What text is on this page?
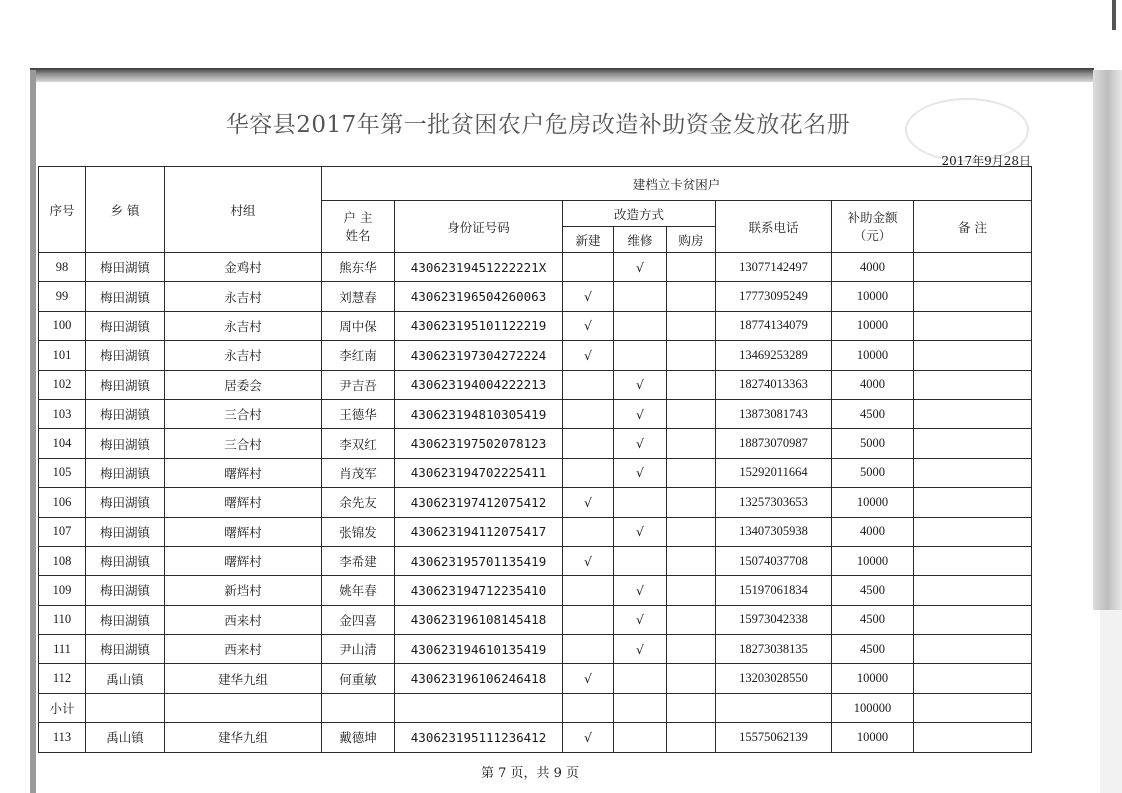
华容县2017年第一批贫困农户危房改造补助资金发放花名册
2017年9月28日
序号	乡 镇	村组	建档立卡贫困户							
			户 主 姓名	身份证号码	改造方式			联系电话	补助金额（元）	备 注
					新建	维修	购房			
98	梅田湖镇	金鸡村	熊东华	43062319451222221X		√		13077142497	4000	
99	梅田湖镇	永吉村	刘慧春	430623196504260063	√			17773095249	10000	
100	梅田湖镇	永吉村	周中保	430623195101122219	√			18774134079	10000	
101	梅田湖镇	永吉村	李红南	430623197304272224	√			13469253289	10000	
102	梅田湖镇	居委会	尹吉吾	430623194004222213		√		18274013363	4000	
103	梅田湖镇	三合村	王德华	430623194810305419		√		13873081743	4500	
104	梅田湖镇	三合村	李双红	430623197502078123		√		18873070987	5000	
105	梅田湖镇	曙辉村	肖茂军	430623194702225411		√		15292011664	5000	
106	梅田湖镇	曙辉村	余先友	430623197412075412	√			13257303653	10000	
107	梅田湖镇	曙辉村	张锦发	430623194112075417		√		13407305938	4000	
108	梅田湖镇	曙辉村	李希建	430623195701135419	√			15074037708	10000	
109	梅田湖镇	新垱村	姚年春	430623194712235410		√		15197061834	4500	
110	梅田湖镇	西来村	金四喜	430623196108145418		√		15973042338	4500	
111	梅田湖镇	西来村	尹山清	430623194610135419		√		18273038135	4500	
112	禹山镇	建华九组	何重敏	430623196106246418	√			13203028550	10000	
小计									100000	
113	禹山镇	建华九组	戴德坤	430623195111236412	√			15575062139	10000	
第 7 页，共 9 页
